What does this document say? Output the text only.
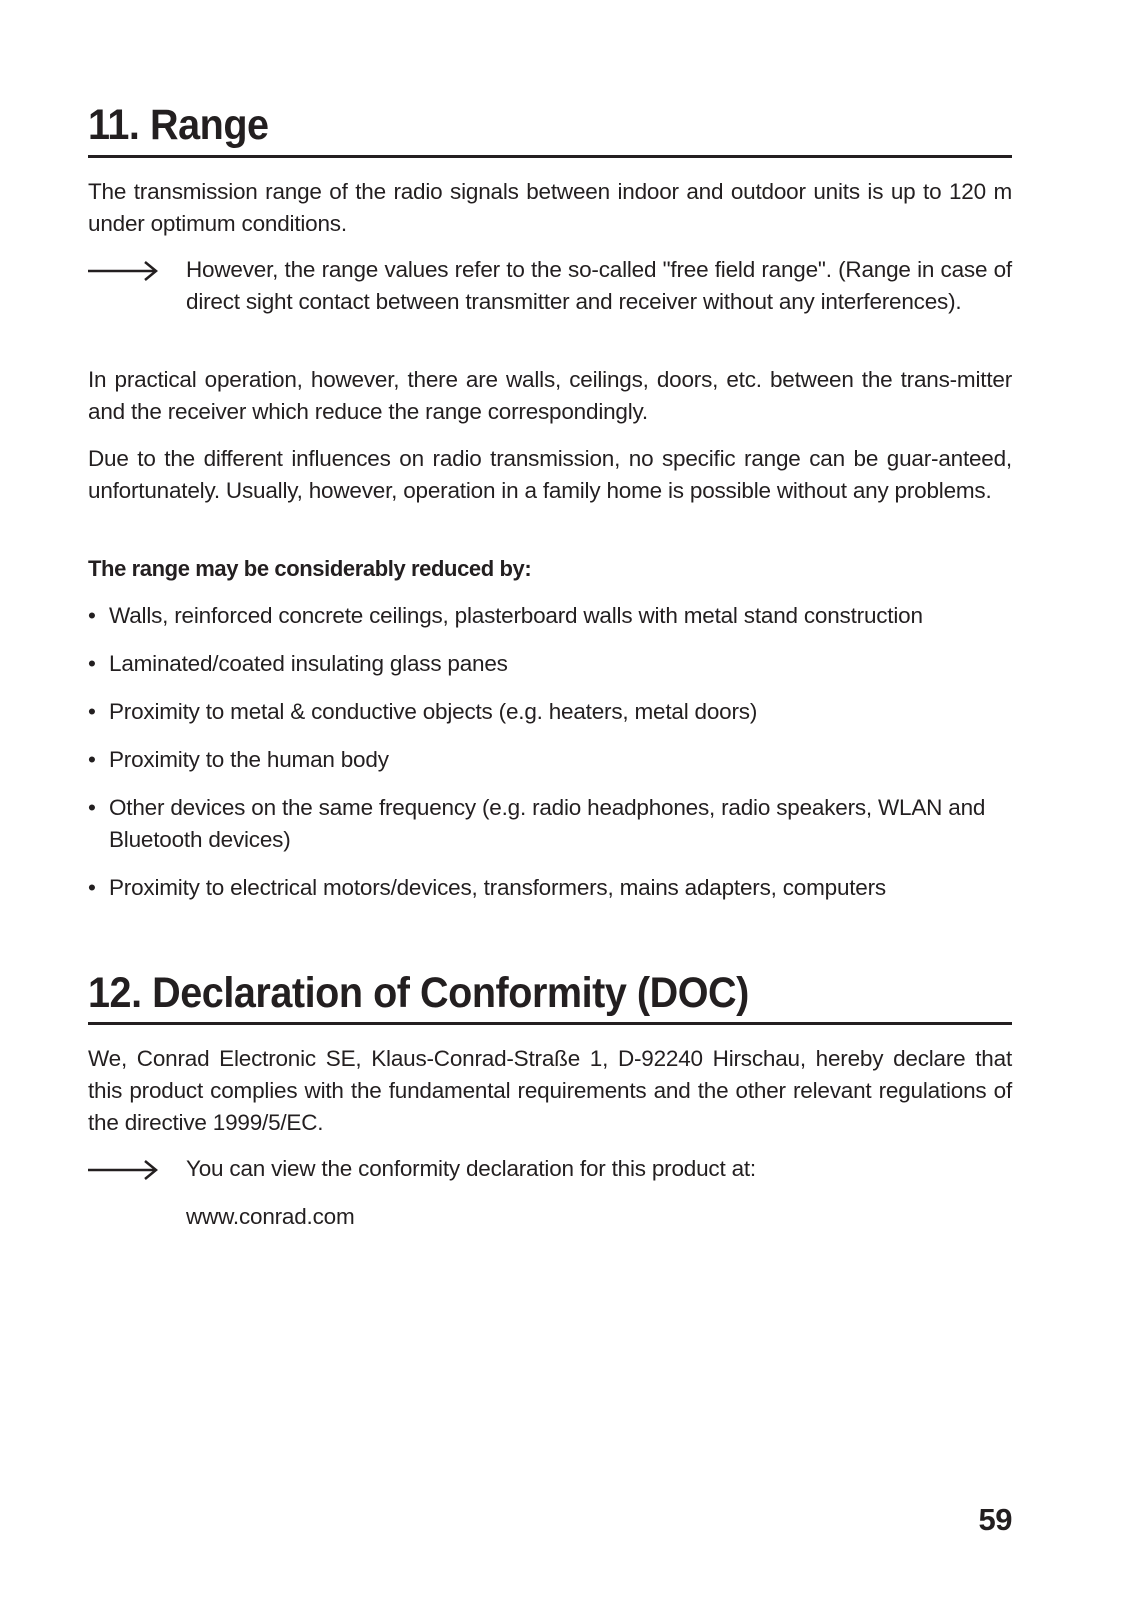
11. Range
The transmission range of the radio signals between indoor and outdoor units is up to 120 m under optimum conditions.
However, the range values refer to the so-called "free field range". (Range in case of direct sight contact between transmitter and receiver without any interferences).
In practical operation, however, there are walls, ceilings, doors, etc. between the trans-mitter and the receiver which reduce the range correspondingly.
Due to the different influences on radio transmission, no specific range can be guar-anteed, unfortunately. Usually, however, operation in a family home is possible without any problems.
The range may be considerably reduced by:
• Walls, reinforced concrete ceilings, plasterboard walls with metal stand construction
• Laminated/coated insulating glass panes
• Proximity to metal & conductive objects (e.g. heaters, metal doors)
• Proximity to the human body
• Other devices on the same frequency (e.g. radio headphones, radio speakers, WLAN and Bluetooth devices)
• Proximity to electrical motors/devices, transformers, mains adapters, computers
12. Declaration of Conformity (DOC)
We, Conrad Electronic SE, Klaus-Conrad-Straße 1, D-92240 Hirschau, hereby declare that this product complies with the fundamental requirements and the other relevant regulations of the directive 1999/5/EC.
You can view the conformity declaration for this product at:
www.conrad.com
59
